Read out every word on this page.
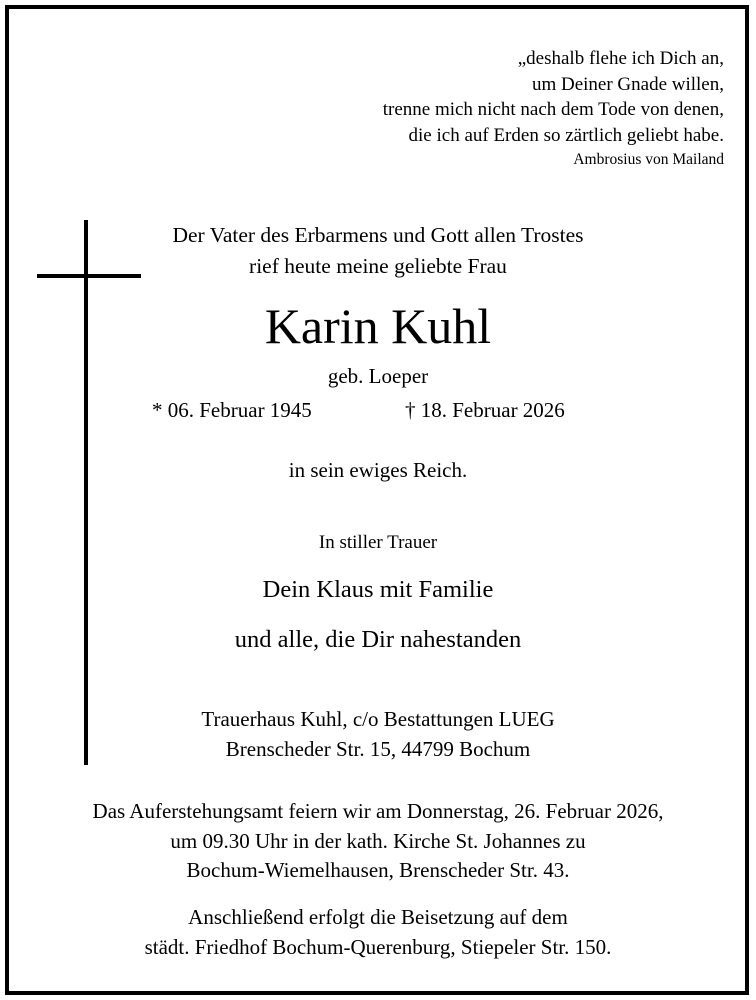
„deshalb flehe ich Dich an,
um Deiner Gnade willen,
trenne mich nicht nach dem Tode von denen,
die ich auf Erden so zärtlich geliebt habe.
Ambrosius von Mailand
Der Vater des Erbarmens und Gott allen Trostes
rief heute meine geliebte Frau
Karin Kuhl
geb. Loeper
* 06. Februar 1945	† 18. Februar 2026
in sein ewiges Reich.
In stiller Trauer
Dein Klaus mit Familie
und alle, die Dir nahestanden
Trauerhaus Kuhl, c/o Bestattungen LUEG
Brenscheder Str. 15, 44799 Bochum
Das Auferstehungsamt feiern wir am Donnerstag, 26. Februar 2026,
um 09.30 Uhr in der kath. Kirche St. Johannes zu
Bochum-Wiemelhausen, Brenscheder Str. 43.
Anschließend erfolgt die Beisetzung auf dem
städt. Friedhof Bochum-Querenburg, Stiepeler Str. 150.
